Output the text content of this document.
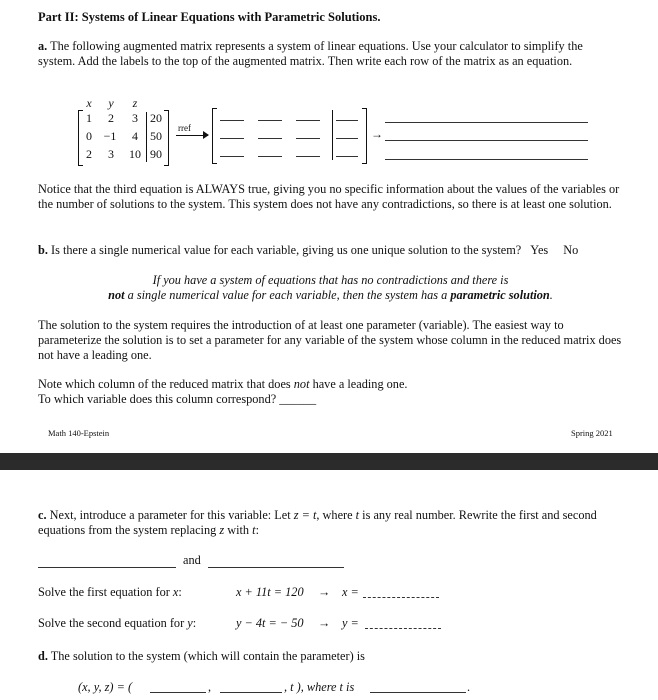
Part II: Systems of Linear Equations with Parametric Solutions.
a. The following augmented matrix represents a system of linear equations. Use your calculator to simplify the system. Add the labels to the top of the augmented matrix. Then write each row of the matrix as an equation.
x	y	z
1	2	3	20
0 −1	4	50
2	3	10 90
rref	→
Notice that the third equation is ALWAYS true, giving you no specific information about the values of the variables or the number of solutions to the system. This system does not have any contradictions, so there is at least one solution.
b. Is there a single numerical value for each variable, giving us one unique solution to the system? Yes No
If you have a system of equations that has no contradictions and there is
not a single numerical value for each variable, then the system has a parametric solution.
The solution to the system requires the introduction of at least one parameter (variable). The easiest way to parameterize the solution is to set a parameter for any variable of the system whose column in the reduced matrix does not have a leading one.
Note which column of the reduced matrix that does not have a leading one.
To which variable does this column correspond? ______
Math 140-Epstein	Spring 2021
c. Next, introduce a parameter for this variable: Let z = t, where t is any real number. Rewrite the first and second equations from the system replacing z with t:
and
Solve the first equation for x:	x + 11t = 120 → x =
Solve the second equation for y:	y − 4t = − 50 → y =
d. The solution to the system (which will contain the parameter) is
(x, y, z) = (	,	, t ), where t is	.
